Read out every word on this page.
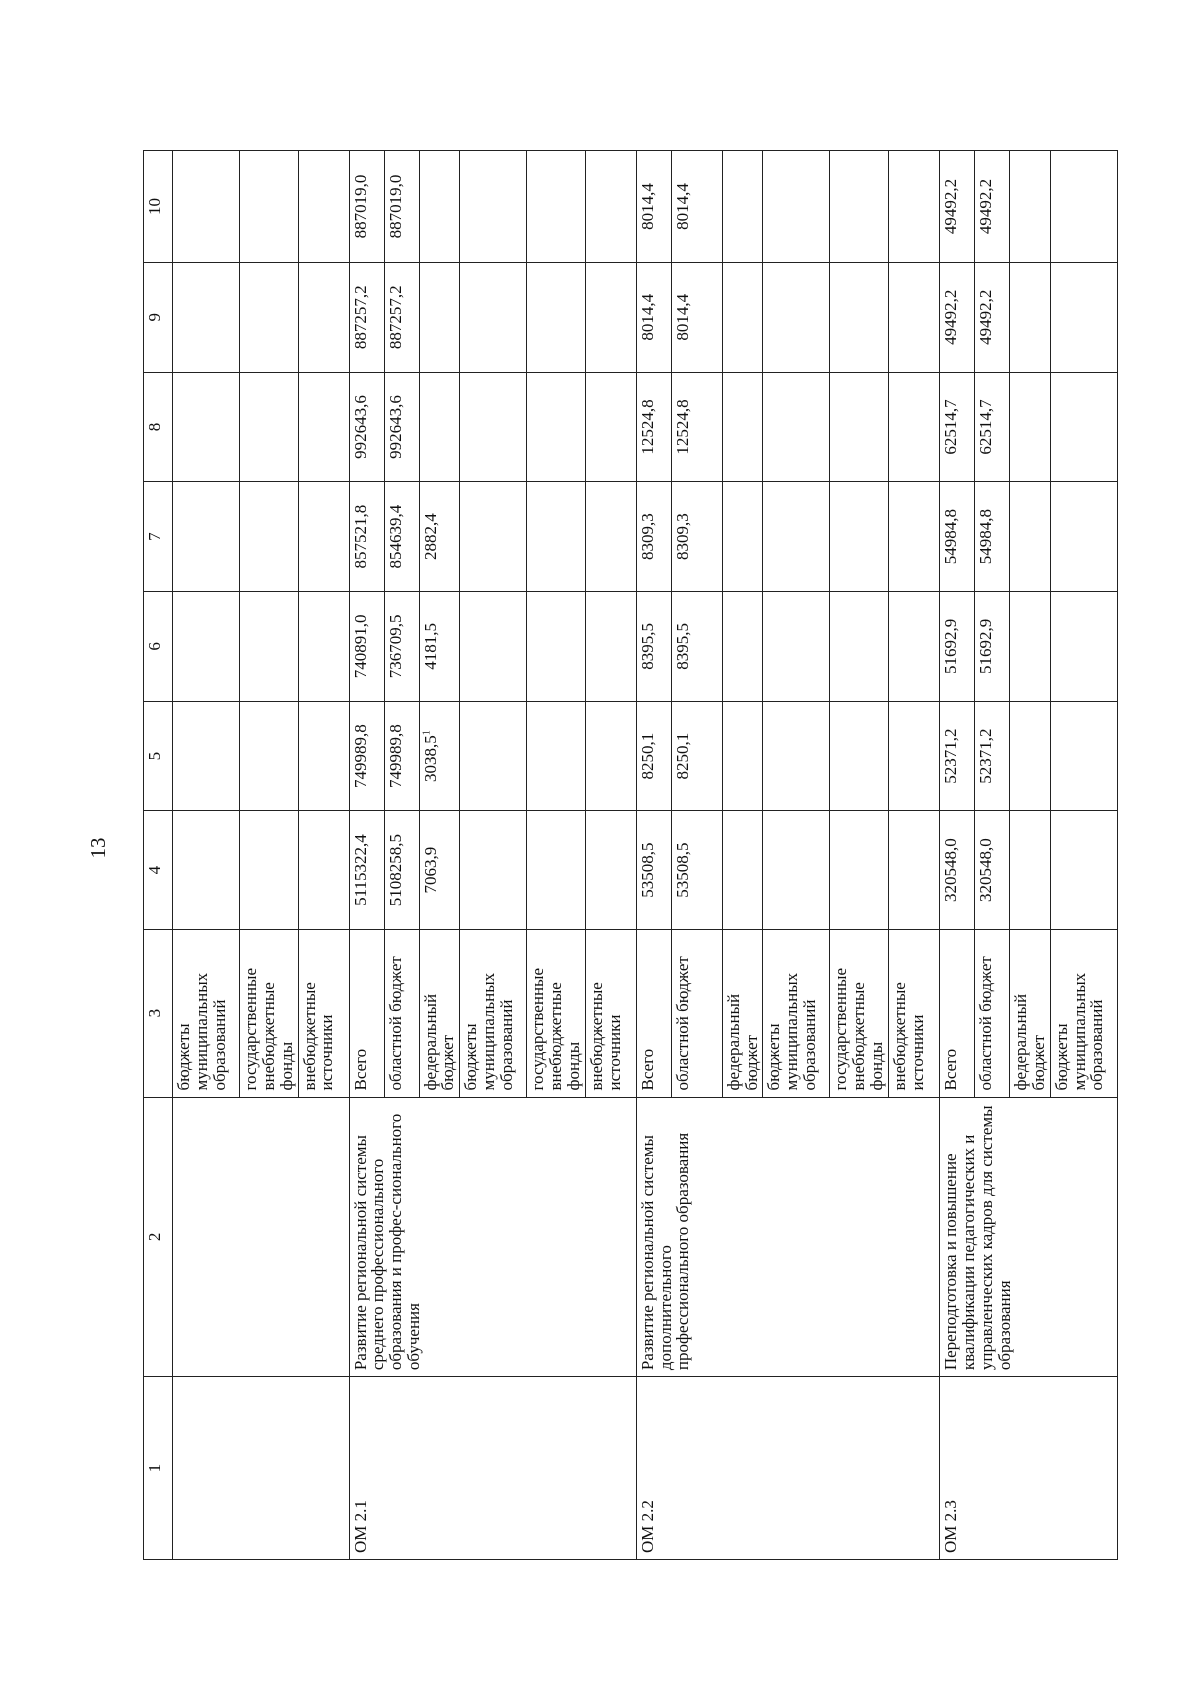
13
1	2	3	4	5	6	7	8	9	10
		бюджеты муниципальных образований							
		государственные внебюджетные фонды							
		внебюджетные источники							
ОМ 2.1	Развитие региональной системы среднего профессионального образования и профес-сионального обучения	Всего	5115322,4	749989,8	740891,0	857521,8	992643,6	887257,2	887019,0
		областной бюджет	5108258,5	749989,8	736709,5	854639,4	992643,6	887257,2	887019,0
		федеральный бюджет	7063,9	3038,5$^1$	4181,5	2882,4			
		бюджеты муниципальных образований							
		государственные внебюджетные фонды							
		внебюджетные источники							
ОМ 2.2	Развитие региональной системы дополнительного профессионального образования	Всего	53508,5	8250,1	8395,5	8309,3	12524,8	8014,4	8014,4
		областной бюджет	53508,5	8250,1	8395,5	8309,3	12524,8	8014,4	8014,4
		федеральный бюджет							
		бюджеты муниципальных образований							
		государственные внебюджетные фонды							
		внебюджетные источники							
ОМ 2.3	Переподготовка и повышение квалификации педагогических и управленческих кадров для системы образования	Всего	320548,0	52371,2	51692,9	54984,8	62514,7	49492,2	49492,2
		областной бюджет	320548,0	52371,2	51692,9	54984,8	62514,7	49492,2	49492,2
		федеральный бюджет							
		бюджеты муниципальных образований							
